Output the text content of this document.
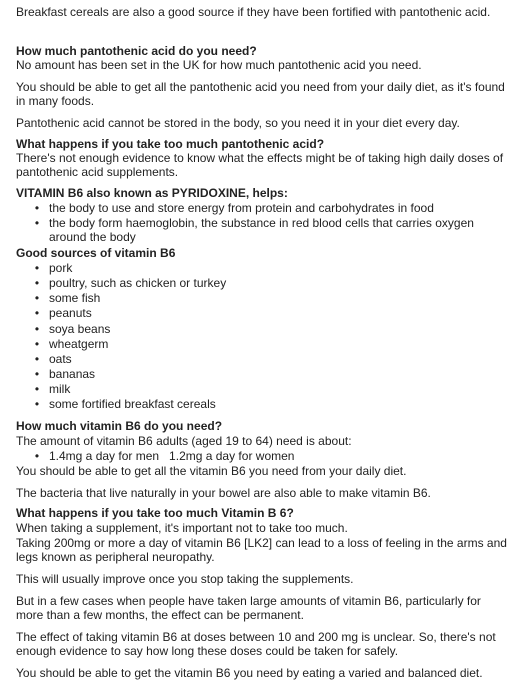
Breakfast cereals are also a good source if they have been fortified with pantothenic acid.

How much pantothenic acid do you need?

No amount has been set in the UK for how much pantothenic acid you need.

You should be able to get all the pantothenic acid you need from your daily diet, as it's found in many foods.

Pantothenic acid cannot be stored in the body, so you need it in your diet every day.

What happens if you take too much pantothenic acid?

There's not enough evidence to know what the effects might be of taking high daily doses of pantothenic acid supplements.

VITAMIN B6 also known as PYRIDOXINE, helps:
• the body to use and store energy from protein and carbohydrates in food
• the body form haemoglobin, the substance in red blood cells that carries oxygen around the body
Good sources of vitamin B6
• pork
• poultry, such as chicken or turkey
• some fish
• peanuts
• soya beans
• wheatgerm
• oats
• bananas
• milk
• some fortified breakfast cereals
How much vitamin B6 do you need?

The amount of vitamin B6 adults (aged 19 to 64) need is about:

• 1.4mg a day for men   1.2mg a day for women

You should be able to get all the vitamin B6 you need from your daily diet.

The bacteria that live naturally in your bowel are also able to make vitamin B6.

What happens if you take too much Vitamin B 6?

When taking a supplement, it's important not to take too much.

Taking 200mg or more a day of vitamin B6 [LK2] can lead to a loss of feeling in the arms and legs known as peripheral neuropathy.

This will usually improve once you stop taking the supplements.

But in a few cases when people have taken large amounts of vitamin B6, particularly for more than a few months, the effect can be permanent.

The effect of taking vitamin B6 at doses between 10 and 200 mg is unclear. So, there's not enough evidence to say how long these doses could be taken for safely.

You should be able to get the vitamin B6 you need by eating a varied and balanced diet.
